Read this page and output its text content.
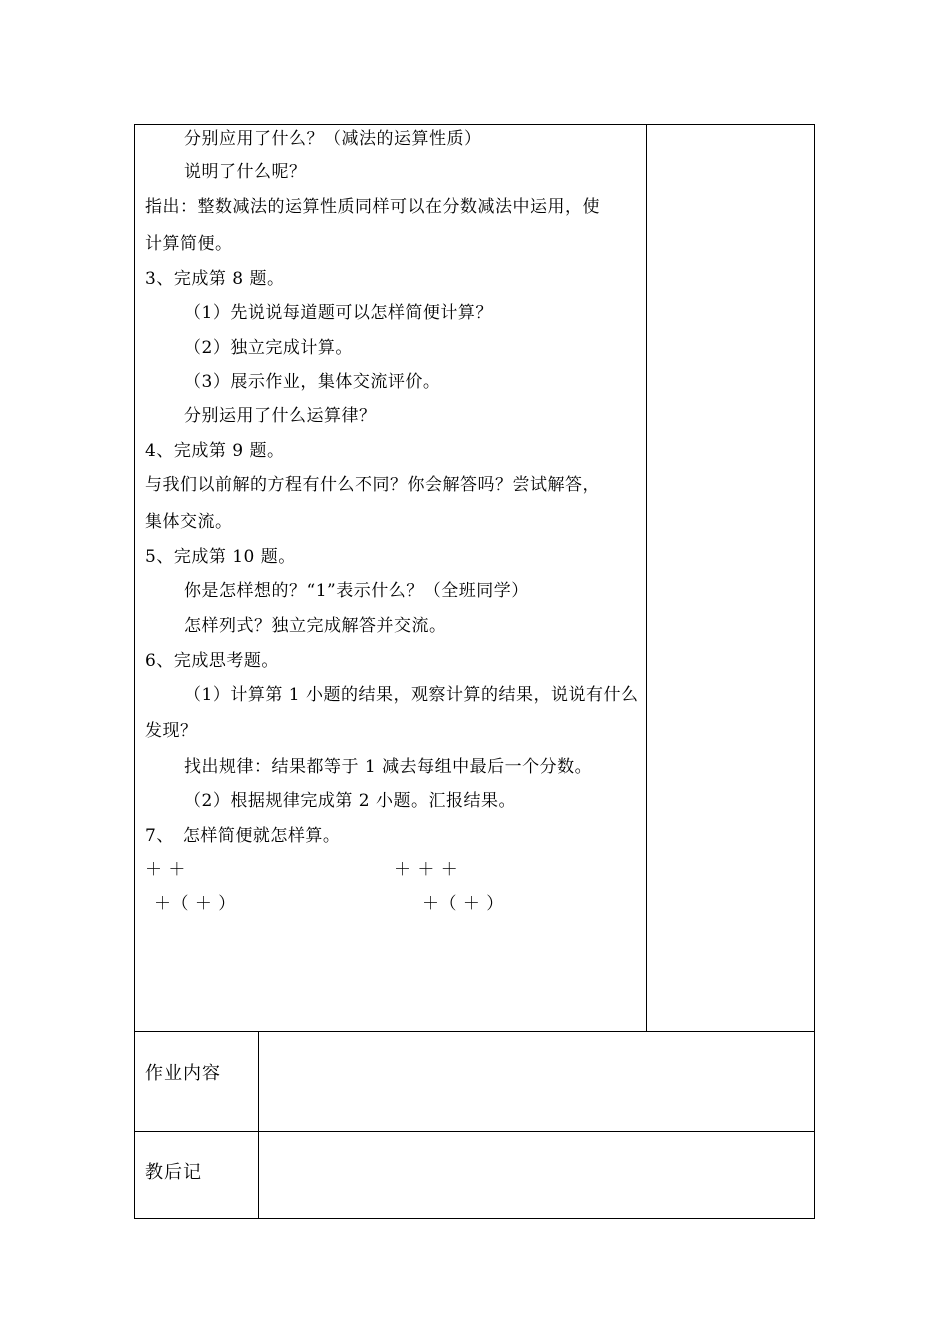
分别应用了什么？（减法的运算性质）
说明了什么呢？
指出：整数减法的运算性质同样可以在分数减法中运用，使
计算简便。
3、完成第 8 题。
（1）先说说每道题可以怎样简便计算？
（2）独立完成计算。
（3）展示作业，集体交流评价。
分别运用了什么运算律？
4、完成第 9 题。
与我们以前解的方程有什么不同？你会解答吗？尝试解答，
集体交流。
5、完成第 10 题。
你是怎样想的？“1”表示什么？（全班同学）
怎样列式？独立完成解答并交流。
6、完成思考题。
（1）计算第 1 小题的结果，观察计算的结果，说说有什么
发现？
找出规律：结果都等于 1 减去每组中最后一个分数。
（2）根据规律完成第 2 小题。汇报结果。
7、　怎样简便就怎样算。
＋ ＋	＋ ＋ ＋
＋（ ＋ ）	＋（ ＋ ）
作业内容
教后记
